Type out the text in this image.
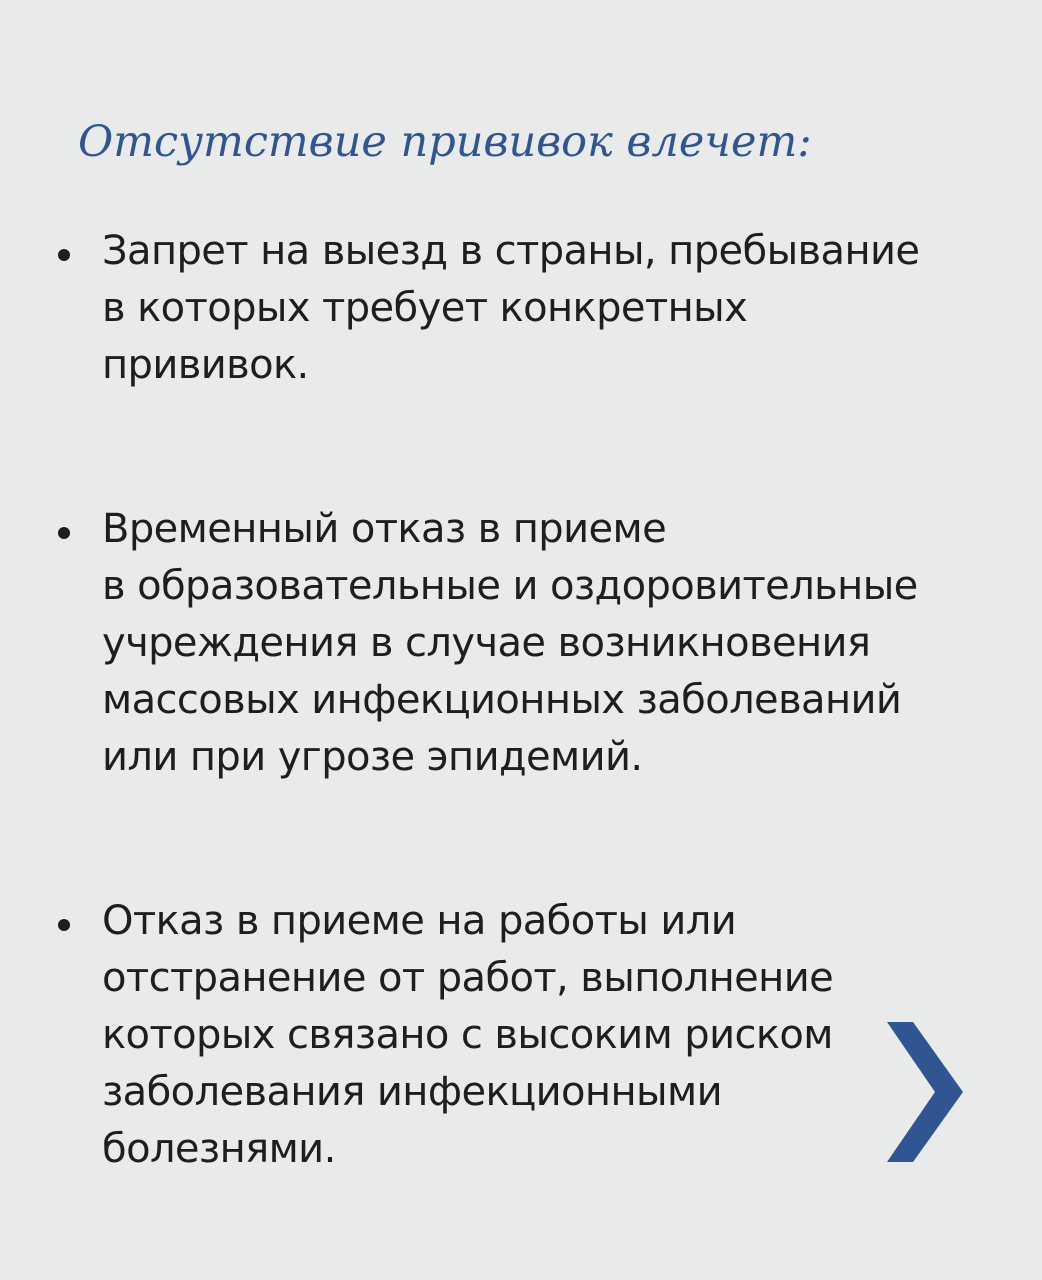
Отсутствие прививок влечет:
Запрет на выезд в страны, пребывание
в которых требует конкретных
прививок.
Временный отказ в приеме
в образовательные и оздоровительные
учреждения в случае возникновения
массовых инфекционных заболеваний
или при угрозе эпидемий.
Отказ в приеме на работы или
отстранение от работ, выполнение
которых связано с высоким риском
заболевания инфекционными
болезнями.
